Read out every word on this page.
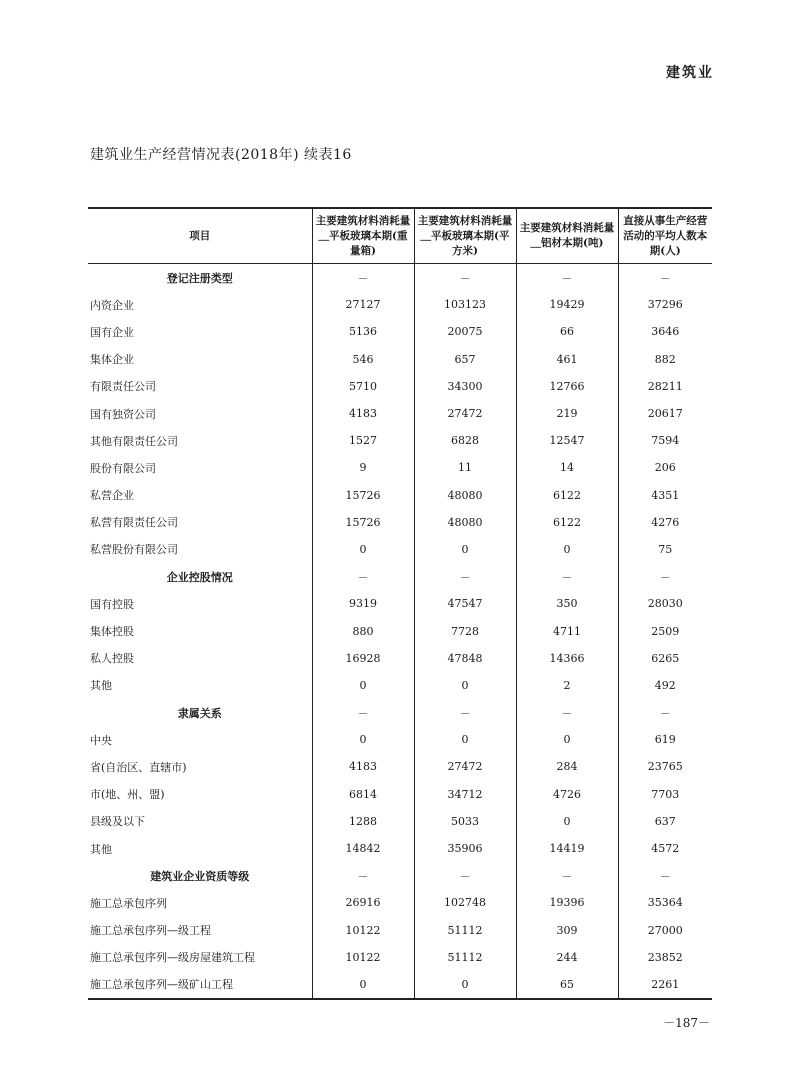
建筑业
建筑业生产经营情况表(2018年) 续表16
项目	主要建筑材料消耗量＿平板玻璃本期(重量箱)	主要建筑材料消耗量＿平板玻璃本期(平方米)	主要建筑材料消耗量＿铝材本期(吨)	直接从事生产经营活动的平均人数本期(人)
登记注册类型	－	－	－	－
内资企业	27127	103123	19429	37296
国有企业	5136	20075	66	3646
集体企业	546	657	461	882
有限责任公司	5710	34300	12766	28211
国有独资公司	4183	27472	219	20617
其他有限责任公司	1527	6828	12547	7594
股份有限公司	9	11	14	206
私营企业	15726	48080	6122	4351
私营有限责任公司	15726	48080	6122	4276
私营股份有限公司	0	0	0	75
企业控股情况	－	－	－	－
国有控股	9319	47547	350	28030
集体控股	880	7728	4711	2509
私人控股	16928	47848	14366	6265
其他	0	0	2	492
隶属关系	－	－	－	－
中央	0	0	0	619
省(自治区、直辖市)	4183	27472	284	23765
市(地、州、盟)	6814	34712	4726	7703
县级及以下	1288	5033	0	637
其他	14842	35906	14419	4572
建筑业企业资质等级	－	－	－	－
施工总承包序列	26916	102748	19396	35364
施工总承包序列—级工程	10122	51112	309	27000
施工总承包序列—级房屋建筑工程	10122	51112	244	23852
施工总承包序列—级矿山工程	0	0	65	2261
－187－
